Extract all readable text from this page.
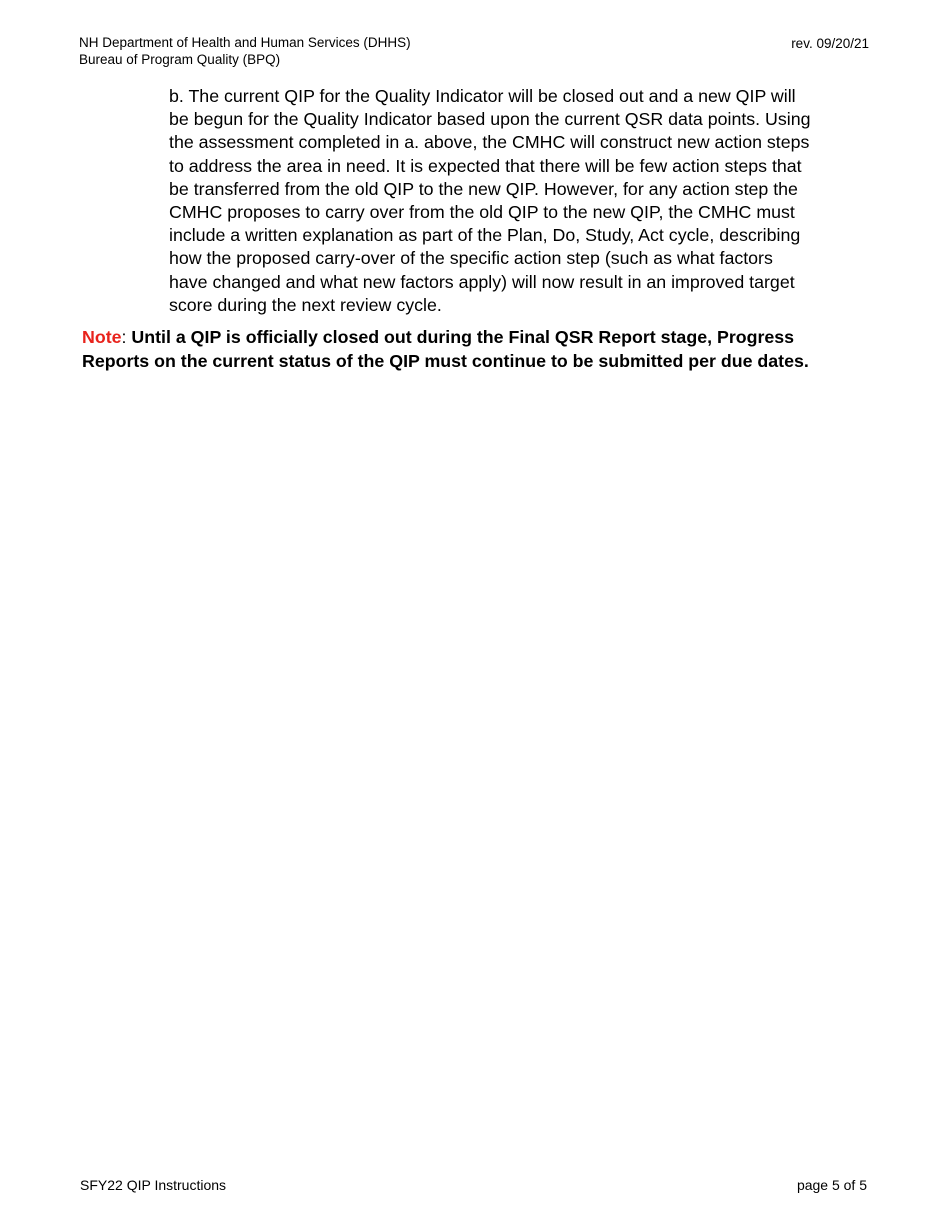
NH Department of Health and Human Services (DHHS)
Bureau of Program Quality (BPQ)
rev. 09/20/21
b. The current QIP for the Quality Indicator will be closed out and a new QIP will
be begun for the Quality Indicator based upon the current QSR data points. Using
the assessment completed in a. above, the CMHC will construct new action steps
to address the area in need. It is expected that there will be few action steps that
be transferred from the old QIP to the new QIP. However, for any action step the
CMHC proposes to carry over from the old QIP to the new QIP, the CMHC must
include a written explanation as part of the Plan, Do, Study, Act cycle, describing
how the proposed carry-over of the specific action step (such as what factors
have changed and what new factors apply) will now result in an improved target
score during the next review cycle.
Note: Until a QIP is officially closed out during the Final QSR Report stage, Progress
Reports on the current status of the QIP must continue to be submitted per due dates.
SFY22 QIP Instructions	page 5 of 5
